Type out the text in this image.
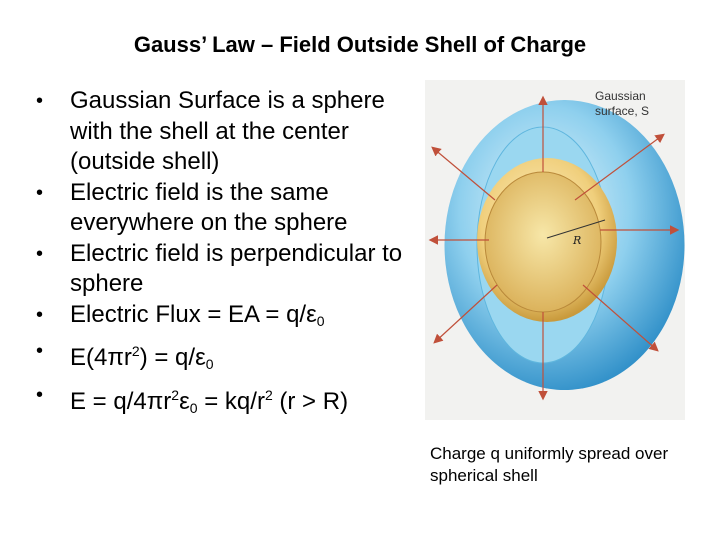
Gauss’ Law – Field Outside Shell of Charge
• Gaussian Surface is a sphere with the shell at the center (outside shell)
• Electric field is the same everywhere on the sphere
• Electric field is perpendicular to sphere
• Electric Flux = EA = $q/\varepsilon_0$
• $E(4\pi r^2) = q/\varepsilon_0$
• $E = q/4\pi r^2\varepsilon_0 = kq/r^2$ (r > R)
R
Gaussian
surface, S
Charge q uniformly spread over spherical shell
